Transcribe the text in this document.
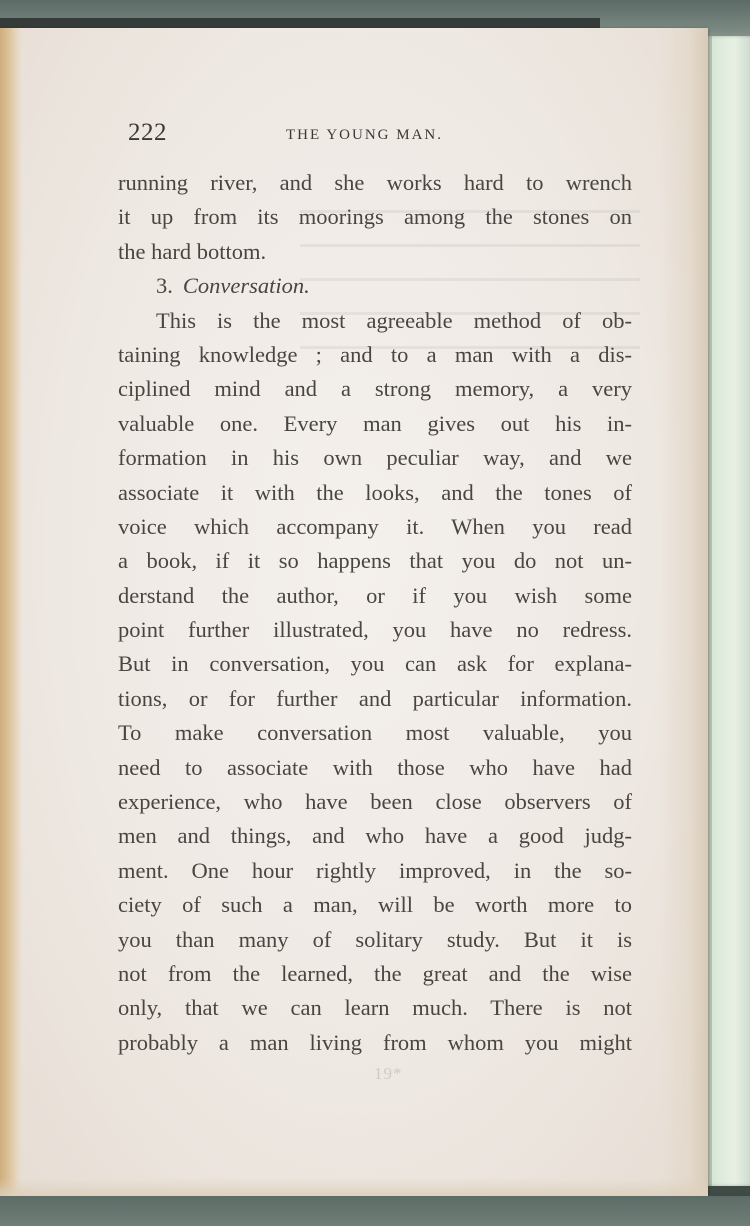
222	THE YOUNG MAN.
running river, and she works hard to wrench
it up from its moorings among the stones on
the hard bottom.
3. Conversation.
This is the most agreeable method of ob-
taining knowledge ; and to a man with a dis-
ciplined mind and a strong memory, a very
valuable one. Every man gives out his in-
formation in his own peculiar way, and we
associate it with the looks, and the tones of
voice which accompany it. When you read
a book, if it so happens that you do not un-
derstand the author, or if you wish some
point further illustrated, you have no redress.
But in conversation, you can ask for explana-
tions, or for further and particular information.
To make conversation most valuable, you
need to associate with those who have had
experience, who have been close observers of
men and things, and who have a good judg-
ment. One hour rightly improved, in the so-
ciety of such a man, will be worth more to
you than many of solitary study. But it is
not from the learned, the great and the wise
only, that we can learn much. There is not
probably a man living from whom you might
19*
